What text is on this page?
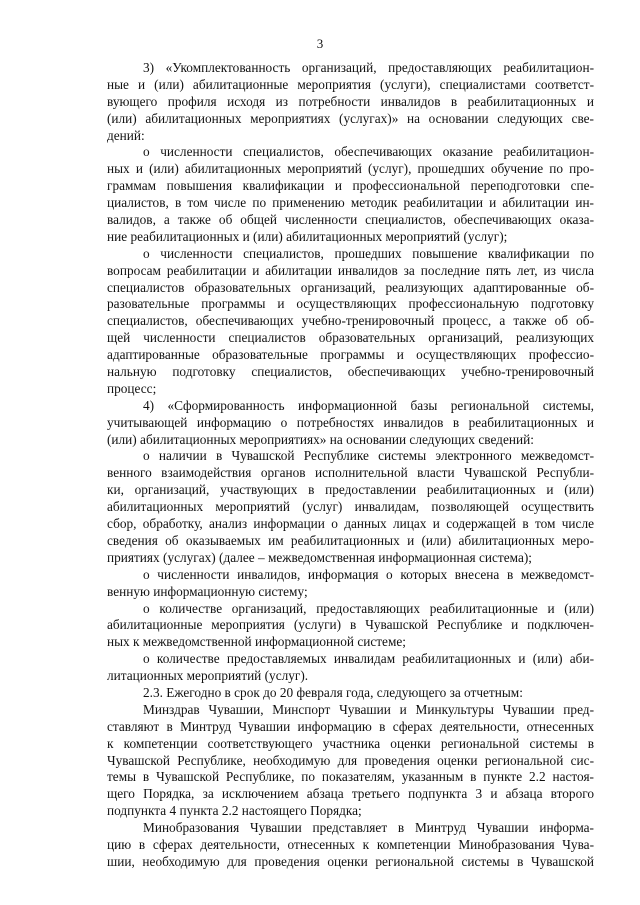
3
3) «Укомплектованность организаций, предоставляющих реабилитацион-
ные и (или) абилитационные мероприятия (услуги), специалистами соответст-
вующего профиля исходя из потребности инвалидов в реабилитационных и
(или) абилитационных мероприятиях (услугах)» на основании следующих све-
дений:
о численности специалистов, обеспечивающих оказание реабилитацион-
ных и (или) абилитационных мероприятий (услуг), прошедших обучение по про-
граммам повышения квалификации и профессиональной переподготовки спе-
циалистов, в том числе по применению методик реабилитации и абилитации ин-
валидов, а также об общей численности специалистов, обеспечивающих оказа-
ние реабилитационных и (или) абилитационных мероприятий (услуг);
о численности специалистов, прошедших повышение квалификации по
вопросам реабилитации и абилитации инвалидов за последние пять лет, из числа
специалистов образовательных организаций, реализующих адаптированные об-
разовательные программы и осуществляющих профессиональную подготовку
специалистов, обеспечивающих учебно-тренировочный процесс, а также об об-
щей численности специалистов образовательных организаций, реализующих
адаптированные образовательные программы и осуществляющих профессио-
нальную подготовку специалистов, обеспечивающих учебно-тренировочный
процесс;
4) «Сформированность информационной базы региональной системы,
учитывающей информацию о потребностях инвалидов в реабилитационных и
(или) абилитационных мероприятиях» на основании следующих сведений:
о наличии в Чувашской Республике системы электронного межведомст-
венного взаимодействия органов исполнительной власти Чувашской Республи-
ки, организаций, участвующих в предоставлении реабилитационных и (или)
абилитационных мероприятий (услуг) инвалидам, позволяющей осуществить
сбор, обработку, анализ информации о данных лицах и содержащей в том числе
сведения об оказываемых им реабилитационных и (или) абилитационных меро-
приятиях (услугах) (далее – межведомственная информационная система);
о численности инвалидов, информация о которых внесена в межведомст-
венную информационную систему;
о количестве организаций, предоставляющих реабилитационные и (или)
абилитационные мероприятия (услуги) в Чувашской Республике и подключен-
ных к межведомственной информационной системе;
о количестве предоставляемых инвалидам реабилитационных и (или) аби-
литационных мероприятий (услуг).
2.3. Ежегодно в срок до 20 февраля года, следующего за отчетным:
Минздрав Чувашии, Минспорт Чувашии и Минкультуры Чувашии пред-
ставляют в Минтруд Чувашии информацию в сферах деятельности, отнесенных
к компетенции соответствующего участника оценки региональной системы в
Чувашской Республике, необходимую для проведения оценки региональной сис-
темы в Чувашской Республике, по показателям, указанным в пункте 2.2 настоя-
щего Порядка, за исключением абзаца третьего подпункта 3 и абзаца второго
подпункта 4 пункта 2.2 настоящего Порядка;
Минобразования Чувашии представляет в Минтруд Чувашии информа-
цию в сферах деятельности, отнесенных к компетенции Минобразования Чува-
шии, необходимую для проведения оценки региональной системы в Чувашской
